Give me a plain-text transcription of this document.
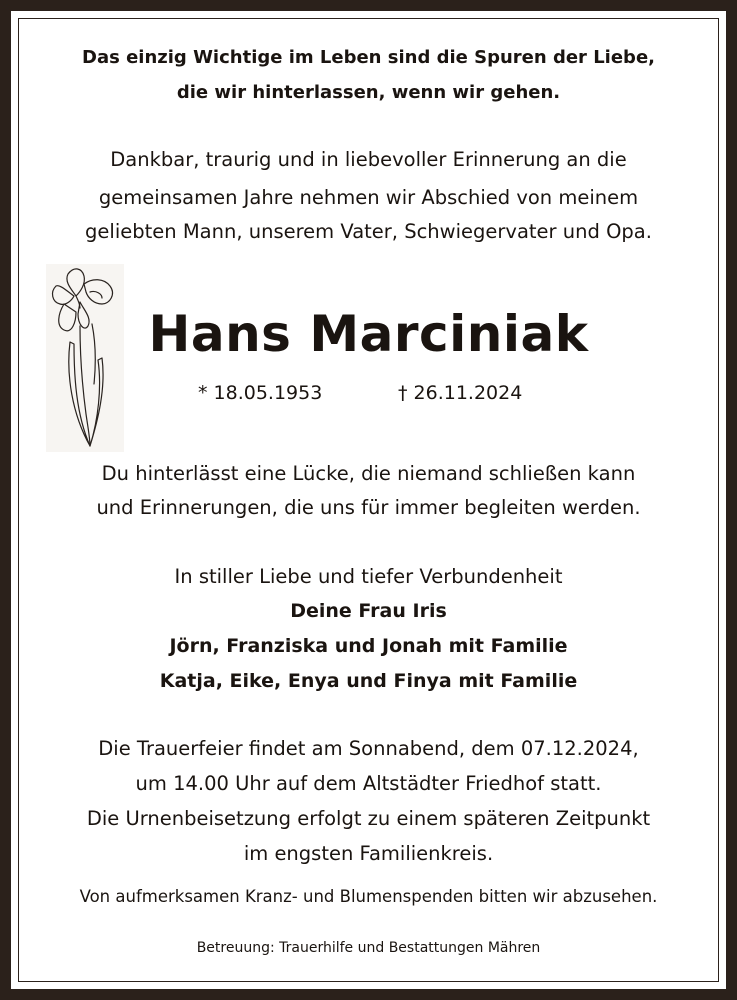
Das einzig Wichtige im Leben sind die Spuren der Liebe,
die wir hinterlassen, wenn wir gehen.
Dankbar, traurig und in liebevoller Erinnerung an die
gemeinsamen Jahre nehmen wir Abschied von meinem
geliebten Mann, unserem Vater, Schwiegervater und Opa.
Hans Marciniak
* 18.05.1953	† 26.11.2024
Du hinterlässt eine Lücke, die niemand schließen kann
und Erinnerungen, die uns für immer begleiten werden.
In stiller Liebe und tiefer Verbundenheit
Deine Frau Iris
Jörn, Franziska und Jonah mit Familie
Katja, Eike, Enya und Finya mit Familie
Die Trauerfeier findet am Sonnabend, dem 07.12.2024,
um 14.00 Uhr auf dem Altstädter Friedhof statt.
Die Urnenbeisetzung erfolgt zu einem späteren Zeitpunkt
im engsten Familienkreis.
Von aufmerksamen Kranz- und Blumenspenden bitten wir abzusehen.
Betreuung: Trauerhilfe und Bestattungen Mähren
